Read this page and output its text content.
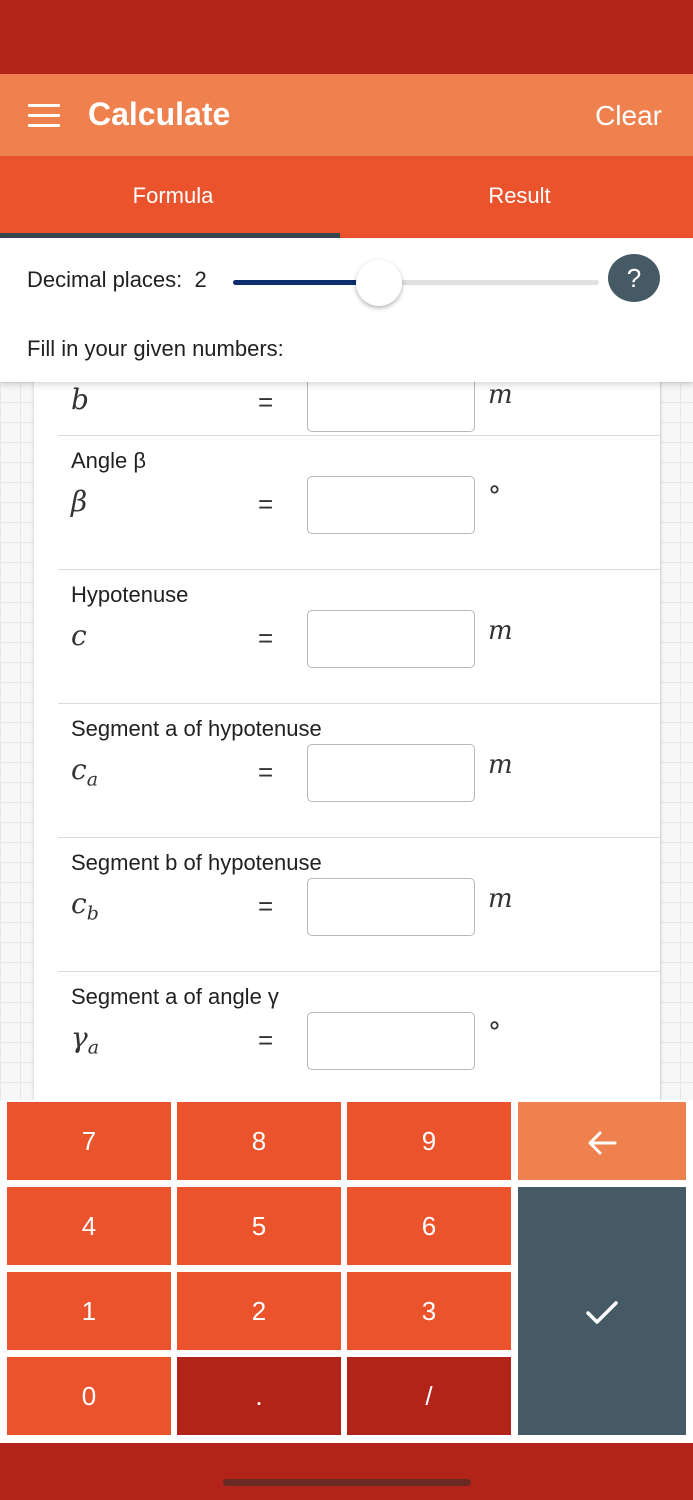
Calculate	Clear
Formula	Result
Decimal places: 2	?
Fill in your given numbers:
b	=	m
Angle β
β	=	°
Hypotenuse
c	=	m
Segment a of hypotenuse
$c_a$	=	m
Segment b of hypotenuse
$c_b$	=	m
Segment a of angle γ
$\gamma_a$	=	°
7	8	9
4	5	6
1	2	3
0	.	/
